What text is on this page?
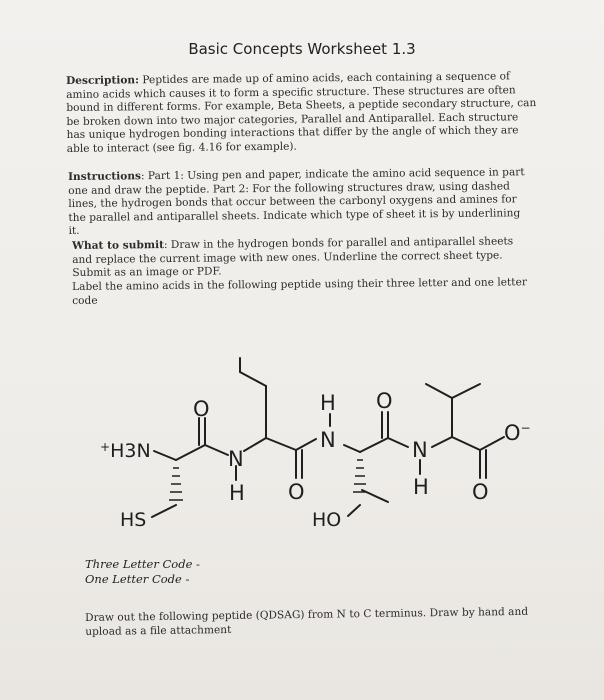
Basic Concepts Worksheet 1.3
Description: Peptides are made up of amino acids, each containing a sequence of amino acids which causes it to form a specific structure. These structures are often bound in different forms. For example, Beta Sheets, a peptide secondary structure, can be broken down into two major categories, Parallel and Antiparallel. Each structure has unique hydrogen bonding interactions that differ by the angle of which they are able to interact (see fig. 4.16 for example).
Instructions: Part 1: Using pen and paper, indicate the amino acid sequence in part one and draw the peptide. Part 2: For the following structures draw, using dashed lines, the hydrogen bonds that occur between the carbonyl oxygens and amines for the parallel and antiparallel sheets. Indicate which type of sheet it is by underlining it.
What to submit: Draw in the hydrogen bonds for parallel and antiparallel sheets and replace the current image with new ones. Underline the correct sheet type. Submit as an image or PDF.
Label the amino acids in the following peptide using their three letter and one letter code
+H3N
HS	HO
O
O
O
O
O−
N
H
H
N	N
H
Three Letter Code -
One Letter Code -
Draw out the following peptide (QDSAG) from N to C terminus. Draw by hand and upload as a file attachment
